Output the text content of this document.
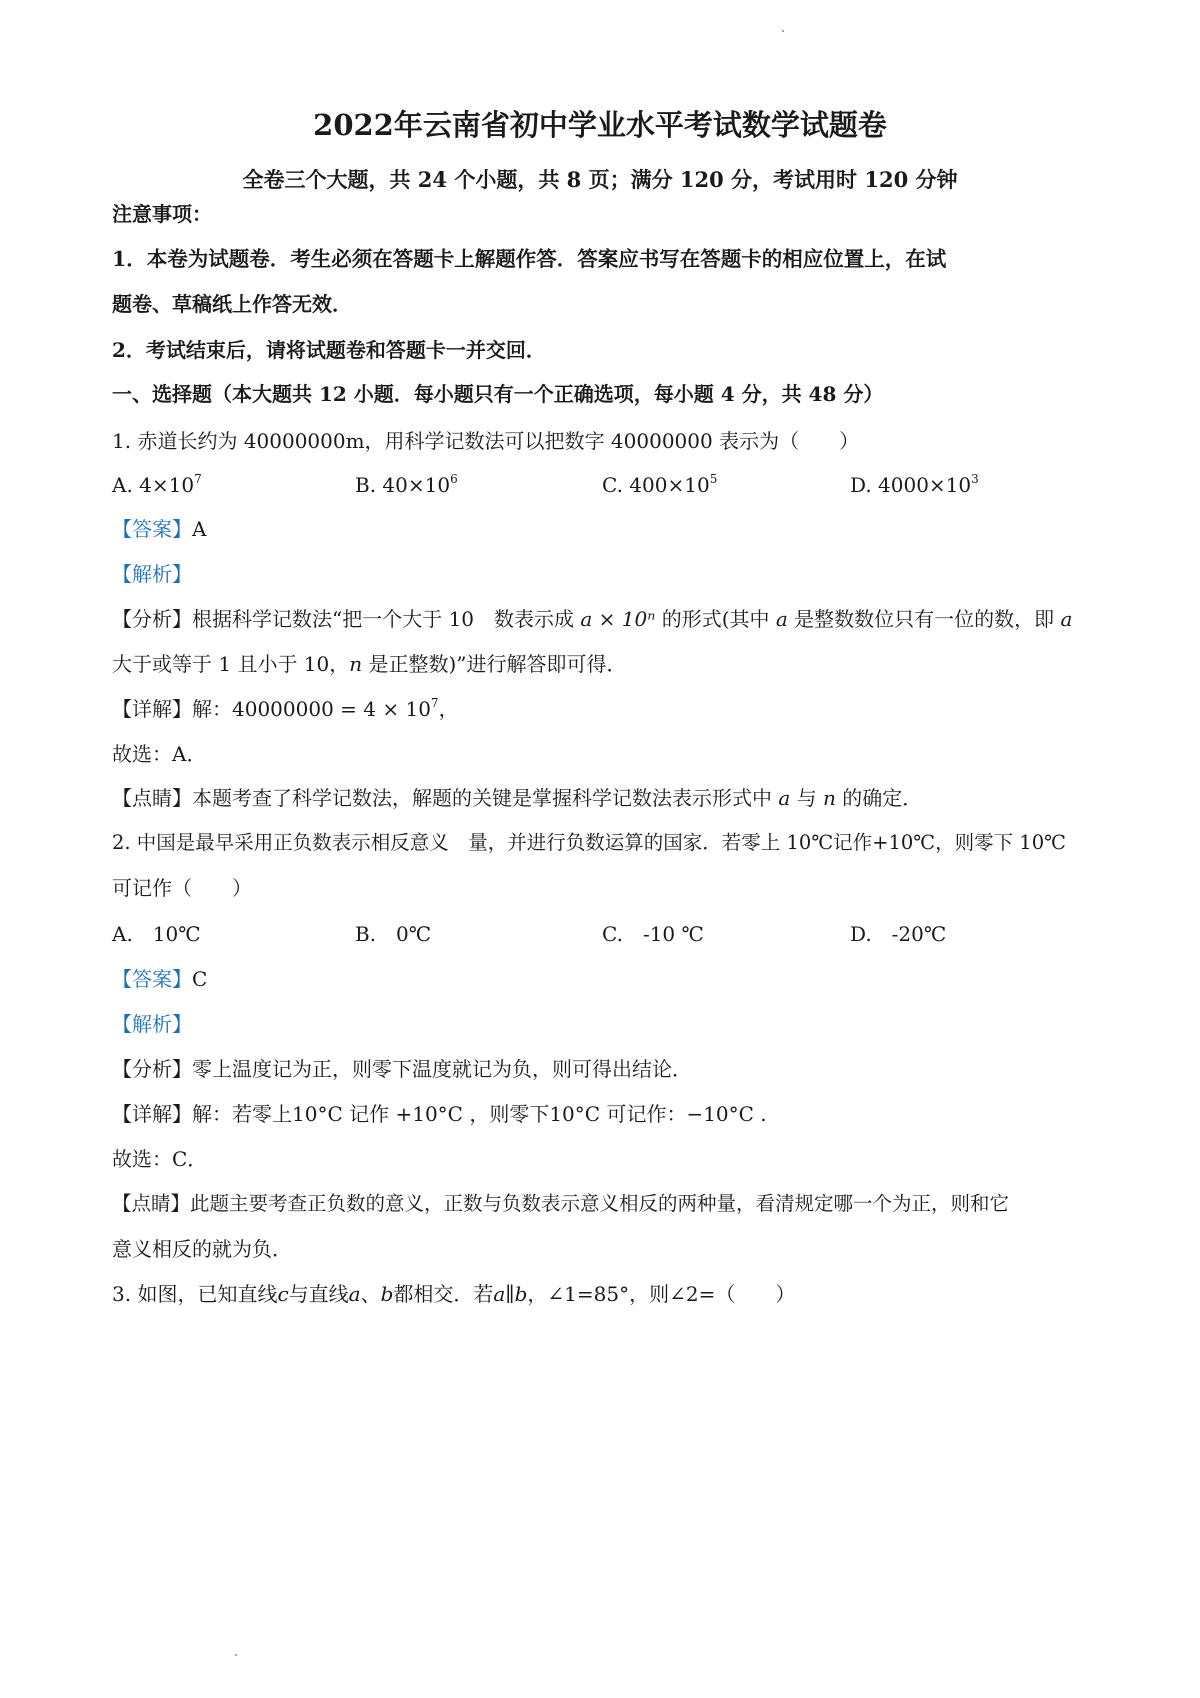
2022年云南省初中学业水平考试数学试题卷
全卷三个大题，共 24 个小题，共 8 页；满分 120 分，考试用时 120 分钟
注意事项：
1．本卷为试题卷．考生必须在答题卡上解题作答．答案应书写在答题卡的相应位置上，在试
题卷、草稿纸上作答无效．
2．考试结束后，请将试题卷和答题卡一并交回．
一、选择题（本大题共 12 小题．每小题只有一个正确选项，每小题 4 分，共 48 分）
1. 赤道长约为 40000000m，用科学记数法可以把数字 40000000 表示为（　　）
A. $4\times 10^7$	B. $40\times 10^6$	C. $400\times 10^5$	D. $4000\times 10^3$
【答案】A
【解析】
【分析】根据科学记数法“把一个大于 10　数表示成 a × 10ⁿ 的形式(其中 a 是整数数位只有一位的数，即 a
大于或等于 1 且小于 10，n 是正整数)”进行解答即可得．
【详解】解：$40000000 = 4 \times 10^7$，
故选：A．
【点睛】本题考查了科学记数法，解题的关键是掌握科学记数法表示形式中 a 与 n 的确定．
2. 中国是最早采用正负数表示相反意义　量，并进行负数运算的国家．若零上 10℃记作+10℃，则零下 10℃
可记作（　　）
A.　10℃	B.　0℃	C.　-10 ℃	D.　-20℃
【答案】C
【解析】
【分析】零上温度记为正，则零下温度就记为负，则可得出结论．
【详解】解：若零上10°C 记作 +10°C ，则零下10°C 可记作：−10°C .
故选：C．
【点睛】此题主要考查正负数的意义，正数与负数表示意义相反的两种量，看清规定哪一个为正，则和它
意义相反的就为负．
3. 如图，已知直线c与直线a、b都相交．若a∥b，∠1=85°，则∠2=（　　）
